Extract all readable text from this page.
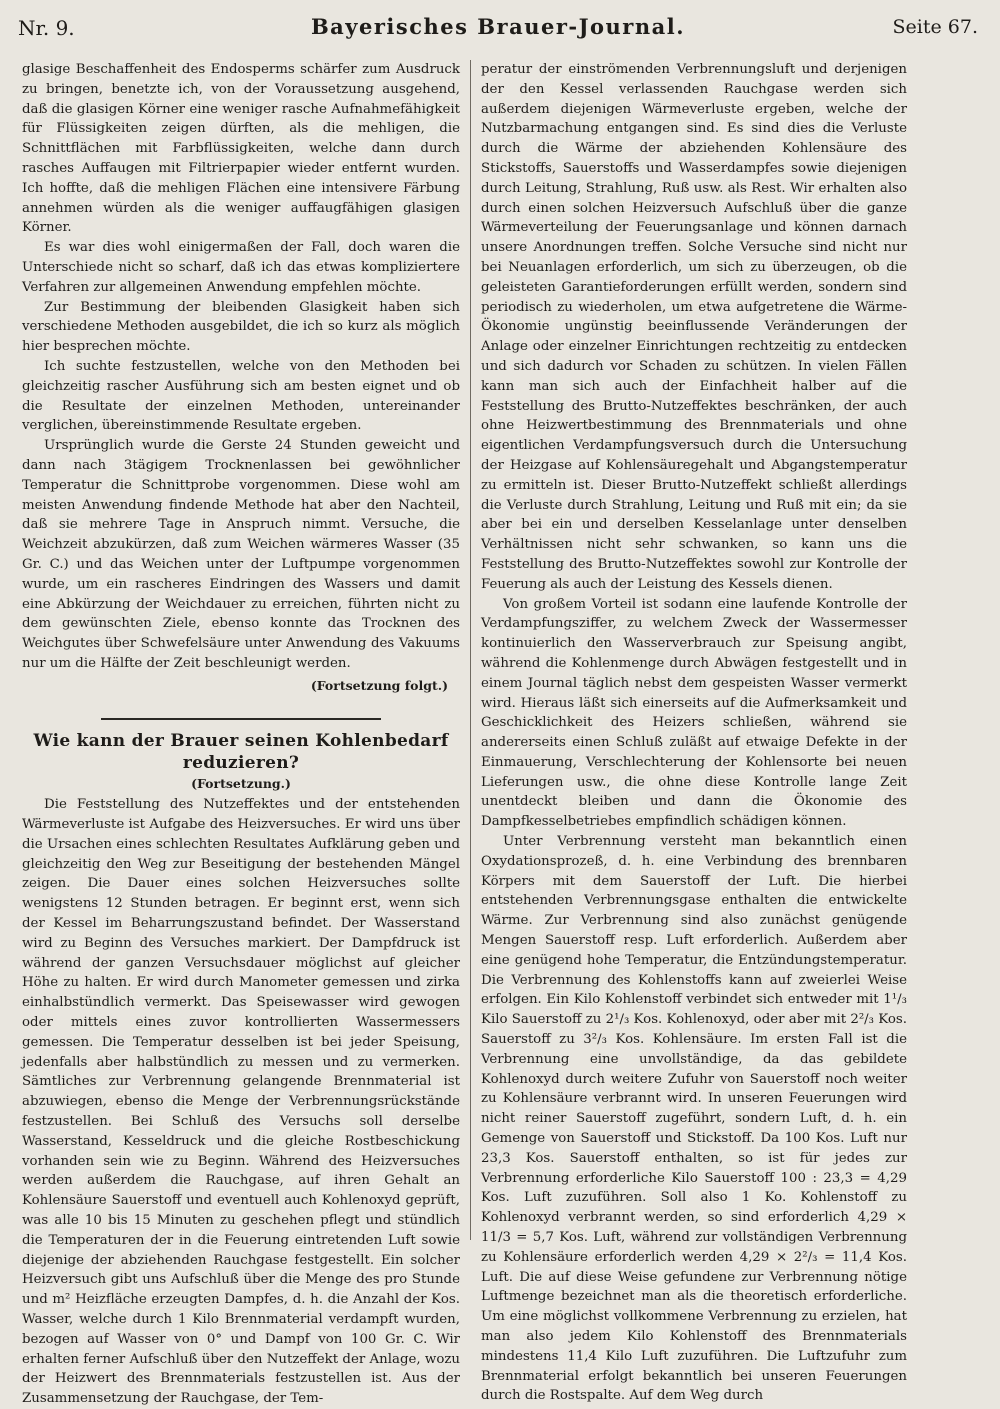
Nr. 9.	Bayerisches Brauer-Journal.	Seite 67.

glasige Beschaffenheit des Endosperms schärfer zum Ausdruck zu bringen, benetzte ich, von der Voraussetzung ausgehend, daß die glasigen Körner eine weniger rasche Aufnahmefähigkeit für Flüssigkeiten zeigen dürften, als die mehligen, die Schnittflächen mit Farbflüssigkeiten, welche dann durch rasches Auffaugen mit Filtrierpapier wieder entfernt wurden. Ich hoffte, daß die mehligen Flächen eine intensivere Färbung annehmen würden als die weniger auffaugfähigen glasigen Körner.

Es war dies wohl einigermaßen der Fall, doch waren die Unterschiede nicht so scharf, daß ich das etwas kompliziertere Verfahren zur allgemeinen Anwendung empfehlen möchte.

Zur Bestimmung der bleibenden Glasigkeit haben sich verschiedene Methoden ausgebildet, die ich so kurz als möglich hier besprechen möchte.

Ich suchte festzustellen, welche von den Methoden bei gleichzeitig rascher Ausführung sich am besten eignet und ob die Resultate der einzelnen Methoden, untereinander verglichen, übereinstimmende Resultate ergeben.

Ursprünglich wurde die Gerste 24 Stunden geweicht und dann nach 3tägigem Trocknenlassen bei gewöhnlicher Temperatur die Schnittprobe vorgenommen. Diese wohl am meisten Anwendung findende Methode hat aber den Nachteil, daß sie mehrere Tage in Anspruch nimmt. Versuche, die Weichzeit abzukürzen, daß zum Weichen wärmeres Wasser (35 Gr. C.) und das Weichen unter der Luftpumpe vorgenommen wurde, um ein rascheres Eindringen des Wassers und damit eine Abkürzung der Weichdauer zu erreichen, führten nicht zu dem gewünschten Ziele, ebenso konnte das Trocknen des Weichgutes über Schwefelsäure unter Anwendung des Vakuums nur um die Hälfte der Zeit beschleunigt werden.

(Fortsetzung folgt.)

Wie kann der Brauer seinen Kohlenbedarf reduzieren?

(Fortsetzung.)

Die Feststellung des Nutzeffektes und der entstehenden Wärmeverluste ist Aufgabe des Heizversuches. Er wird uns über die Ursachen eines schlechten Resultates Aufklärung geben und gleichzeitig den Weg zur Beseitigung der bestehenden Mängel zeigen. Die Dauer eines solchen Heizversuches sollte wenigstens 12 Stunden betragen. Er beginnt erst, wenn sich der Kessel im Beharrungszustand befindet. Der Wasserstand wird zu Beginn des Versuches markiert. Der Dampfdruck ist während der ganzen Versuchsdauer möglichst auf gleicher Höhe zu halten. Er wird durch Manometer gemessen und zirka einhalbstündlich vermerkt. Das Speisewasser wird gewogen oder mittels eines zuvor kontrollierten Wassermessers gemessen. Die Temperatur desselben ist bei jeder Speisung, jedenfalls aber halbstündlich zu messen und zu vermerken. Sämtliches zur Verbrennung gelangende Brennmaterial ist abzuwiegen, ebenso die Menge der Verbrennungsrückstände festzustellen. Bei Schluß des Versuchs soll derselbe Wasserstand, Kesseldruck und die gleiche Rostbeschickung vorhanden sein wie zu Beginn. Während des Heizversuches werden außerdem die Rauchgase, auf ihren Gehalt an Kohlensäure Sauerstoff und eventuell auch Kohlenoxyd geprüft, was alle 10 bis 15 Minuten zu geschehen pflegt und stündlich die Temperaturen der in die Feuerung eintretenden Luft sowie diejenige der abziehenden Rauchgase festgestellt. Ein solcher Heizversuch gibt uns Aufschluß über die Menge des pro Stunde und m² Heizfläche erzeugten Dampfes, d. h. die Anzahl der Kos. Wasser, welche durch 1 Kilo Brennmaterial verdampft wurden, bezogen auf Wasser von 0° und Dampf von 100 Gr. C. Wir erhalten ferner Aufschluß über den Nutzeffekt der Anlage, wozu der Heizwert des Brennmaterials festzustellen ist. Aus der Zusammensetzung der Rauchgase, der Tem-

peratur der einströmenden Verbrennungsluft und derjenigen der den Kessel verlassenden Rauchgase werden sich außerdem diejenigen Wärmeverluste ergeben, welche der Nutzbarmachung entgangen sind. Es sind dies die Verluste durch die Wärme der abziehenden Kohlensäure des Stickstoffs, Sauerstoffs und Wasserdampfes sowie diejenigen durch Leitung, Strahlung, Ruß usw. als Rest. Wir erhalten also durch einen solchen Heizversuch Aufschluß über die ganze Wärmeverteilung der Feuerungsanlage und können darnach unsere Anordnungen treffen. Solche Versuche sind nicht nur bei Neuanlagen erforderlich, um sich zu überzeugen, ob die geleisteten Garantieforderungen erfüllt werden, sondern sind periodisch zu wiederholen, um etwa aufgetretene die Wärme-Ökonomie ungünstig beeinflussende Veränderungen der Anlage oder einzelner Einrichtungen rechtzeitig zu entdecken und sich dadurch vor Schaden zu schützen. In vielen Fällen kann man sich auch der Einfachheit halber auf die Feststellung des Brutto-Nutzeffektes beschränken, der auch ohne Heizwertbestimmung des Brennmaterials und ohne eigentlichen Verdampfungsversuch durch die Untersuchung der Heizgase auf Kohlensäuregehalt und Abgangstemperatur zu ermitteln ist. Dieser Brutto-Nutzeffekt schließt allerdings die Verluste durch Strahlung, Leitung und Ruß mit ein; da sie aber bei ein und derselben Kesselanlage unter denselben Verhältnissen nicht sehr schwanken, so kann uns die Feststellung des Brutto-Nutzeffektes sowohl zur Kontrolle der Feuerung als auch der Leistung des Kessels dienen.

Von großem Vorteil ist sodann eine laufende Kontrolle der Verdampfungsziffer, zu welchem Zweck der Wassermesser kontinuierlich den Wasserverbrauch zur Speisung angibt, während die Kohlenmenge durch Abwägen festgestellt und in einem Journal täglich nebst dem gespeisten Wasser vermerkt wird. Hieraus läßt sich einerseits auf die Aufmerksamkeit und Geschicklichkeit des Heizers schließen, während sie andererseits einen Schluß zuläßt auf etwaige Defekte in der Einmauerung, Verschlechterung der Kohlensorte bei neuen Lieferungen usw., die ohne diese Kontrolle lange Zeit unentdeckt bleiben und dann die Ökonomie des Dampfkesselbetriebes empfindlich schädigen können.

Unter Verbrennung versteht man bekanntlich einen Oxydationsprozeß, d. h. eine Verbindung des brennbaren Körpers mit dem Sauerstoff der Luft. Die hierbei entstehenden Verbrennungsgase enthalten die entwickelte Wärme. Zur Verbrennung sind also zunächst genügende Mengen Sauerstoff resp. Luft erforderlich. Außerdem aber eine genügend hohe Temperatur, die Entzündungstemperatur. Die Verbrennung des Kohlenstoffs kann auf zweierlei Weise erfolgen. Ein Kilo Kohlenstoff verbindet sich entweder mit 1¹/₃ Kilo Sauerstoff zu 2¹/₃ Kos. Kohlenoxyd, oder aber mit 2²/₃ Kos. Sauerstoff zu 3²/₃ Kos. Kohlensäure. Im ersten Fall ist die Verbrennung eine unvollständige, da das gebildete Kohlenoxyd durch weitere Zufuhr von Sauerstoff noch weiter zu Kohlensäure verbrannt wird. In unseren Feuerungen wird nicht reiner Sauerstoff zugeführt, sondern Luft, d. h. ein Gemenge von Sauerstoff und Stickstoff. Da 100 Kos. Luft nur 23,3 Kos. Sauerstoff enthalten, so ist für jedes zur Verbrennung erforderliche Kilo Sauerstoff 100 : 23,3 = 4,29 Kos. Luft zuzuführen. Soll also 1 Ko. Kohlenstoff zu Kohlenoxyd verbrannt werden, so sind erforderlich 4,29 × 11/3 = 5,7 Kos. Luft, während zur vollständigen Verbrennung zu Kohlensäure erforderlich werden 4,29 × 2²/₃ = 11,4 Kos. Luft. Die auf diese Weise gefundene zur Verbrennung nötige Luftmenge bezeichnet man als die theoretisch erforderliche. Um eine möglichst vollkommene Verbrennung zu erzielen, hat man also jedem Kilo Kohlenstoff des Brennmaterials mindestens 11,4 Kilo Luft zuzuführen. Die Luftzufuhr zum Brennmaterial erfolgt bekanntlich bei unseren Feuerungen durch die Rostspalte. Auf dem Weg durch
